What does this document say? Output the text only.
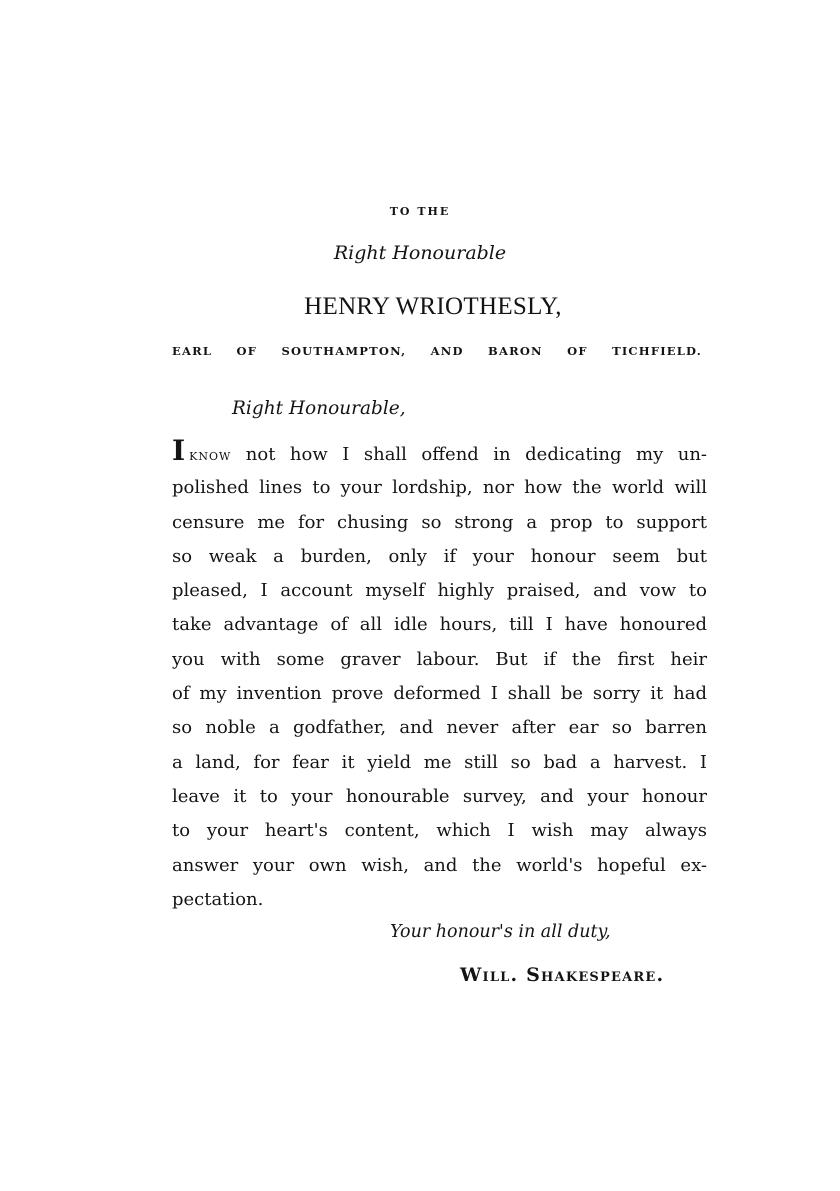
TO THE
Right Honourable
HENRY WRIOTHESLY,
EARL OF SOUTHAMPTON, AND BARON OF TICHFIELD.
Right Honourable,
Iknow not how I shall offend in dedicating my un-
polished lines to your lordship, nor how the world will
censure me for chusing so strong a prop to support
so weak a burden, only if your honour seem but
pleased, I account myself highly praised, and vow to
take advantage of all idle hours, till I have honoured
you with some graver labour. But if the first heir
of my invention prove deformed I shall be sorry it had
so noble a godfather, and never after ear so barren
a land, for fear it yield me still so bad a harvest. I
leave it to your honourable survey, and your honour
to your heart's content, which I wish may always
answer your own wish, and the world's hopeful ex-
pectation.
Your honour's in all duty,
Will. Shakespeare.
